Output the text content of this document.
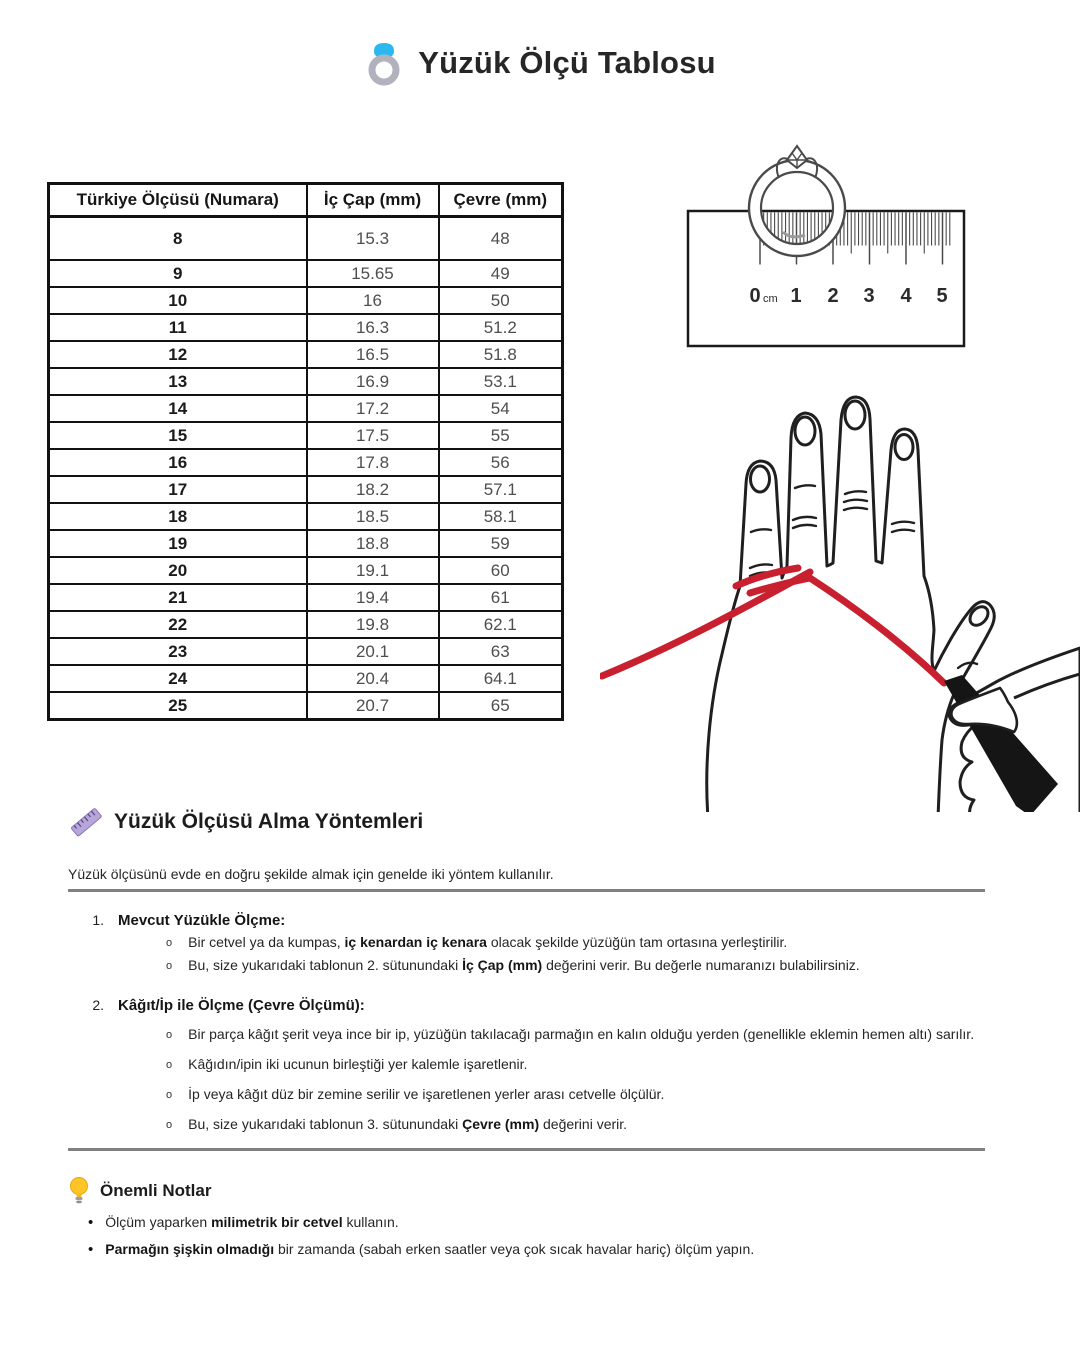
Yüzük Ölçü Tablosu
Türkiye Ölçüsü (Numara)	İç Çap (mm)	Çevre (mm)
8	15.3	48
9	15.65	49
10	16	50
11	16.3	51.2
12	16.5	51.8
13	16.9	53.1
14	17.2	54
15	17.5	55
16	17.8	56
17	18.2	57.1
18	18.5	58.1
19	18.8	59
20	19.1	60
21	19.4	61
22	19.8	62.1
23	20.1	63
24	20.4	64.1
25	20.7	65
0 cm 1 2 3 4 5
Yüzük Ölçüsü Alma Yöntemleri

Yüzük ölçüsünü evde en doğru şekilde almak için genelde iki yöntem kullanılır.

1. Mevcut Yüzükle Ölçme:
o Bir cetvel ya da kumpas, iç kenardan iç kenara olacak şekilde yüzüğün tam ortasına yerleştirilir.
o Bu, size yukarıdaki tablonun 2. sütunundaki İç Çap (mm) değerini verir. Bu değerle numaranızı bulabilirsiniz.
2. Kâğıt/İp ile Ölçme (Çevre Ölçümü):
o Bir parça kâğıt şerit veya ince bir ip, yüzüğün takılacağı parmağın en kalın olduğu yerden (genellikle eklemin hemen altı) sarılır.
o Kâğıdın/ipin iki ucunun birleştiği yer kalemle işaretlenir.
o İp veya kâğıt düz bir zemine serilir ve işaretlenen yerler arası cetvelle ölçülür.
o Bu, size yukarıdaki tablonun 3. sütunundaki Çevre (mm) değerini verir.
Önemli Notlar
• Ölçüm yaparken milimetrik bir cetvel kullanın.
• Parmağın şişkin olmadığı bir zamanda (sabah erken saatler veya çok sıcak havalar hariç) ölçüm yapın.
